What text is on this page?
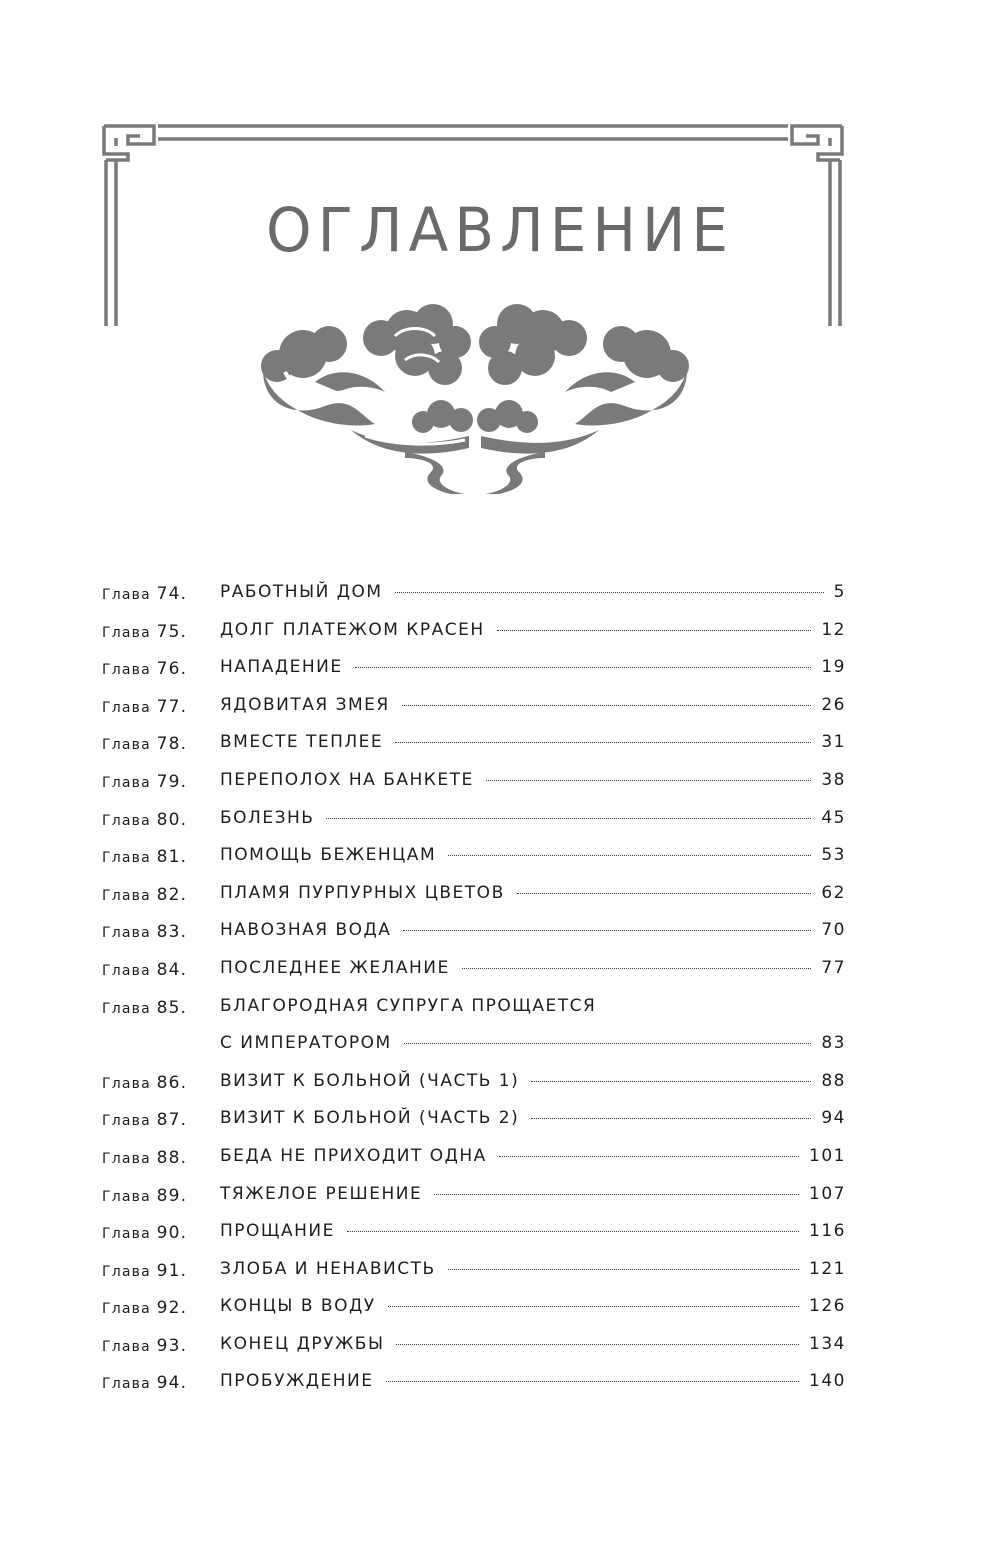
ОГЛАВЛЕНИЕ
Глава 74.	РАБОТНЫЙ ДОМ	5
Глава 75.	ДОЛГ ПЛАТЕЖОМ КРАСЕН	12
Глава 76.	НАПАДЕНИЕ	19
Глава 77.	ЯДОВИТАЯ ЗМЕЯ	26
Глава 78.	ВМЕСТЕ ТЕПЛЕЕ	31
Глава 79.	ПЕРЕПОЛОХ НА БАНКЕТЕ	38
Глава 80.	БОЛЕЗНЬ	45
Глава 81.	ПОМОЩЬ БЕЖЕНЦАМ	53
Глава 82.	ПЛАМЯ ПУРПУРНЫХ ЦВЕТОВ	62
Глава 83.	НАВОЗНАЯ ВОДА	70
Глава 84.	ПОСЛЕДНЕЕ ЖЕЛАНИЕ	77
Глава 85.	БЛАГОРОДНАЯ СУПРУГА ПРОЩАЕТСЯ
С ИМПЕРАТОРОМ	83
Глава 86.	ВИЗИТ К БОЛЬНОЙ (ЧАСТЬ 1)	88
Глава 87.	ВИЗИТ К БОЛЬНОЙ (ЧАСТЬ 2)	94
Глава 88.	БЕДА НЕ ПРИХОДИТ ОДНА	101
Глава 89.	ТЯЖЕЛОЕ РЕШЕНИЕ	107
Глава 90.	ПРОЩАНИЕ	116
Глава 91.	ЗЛОБА И НЕНАВИСТЬ	121
Глава 92.	КОНЦЫ В ВОДУ	126
Глава 93.	КОНЕЦ ДРУЖБЫ	134
Глава 94.	ПРОБУЖДЕНИЕ	140
